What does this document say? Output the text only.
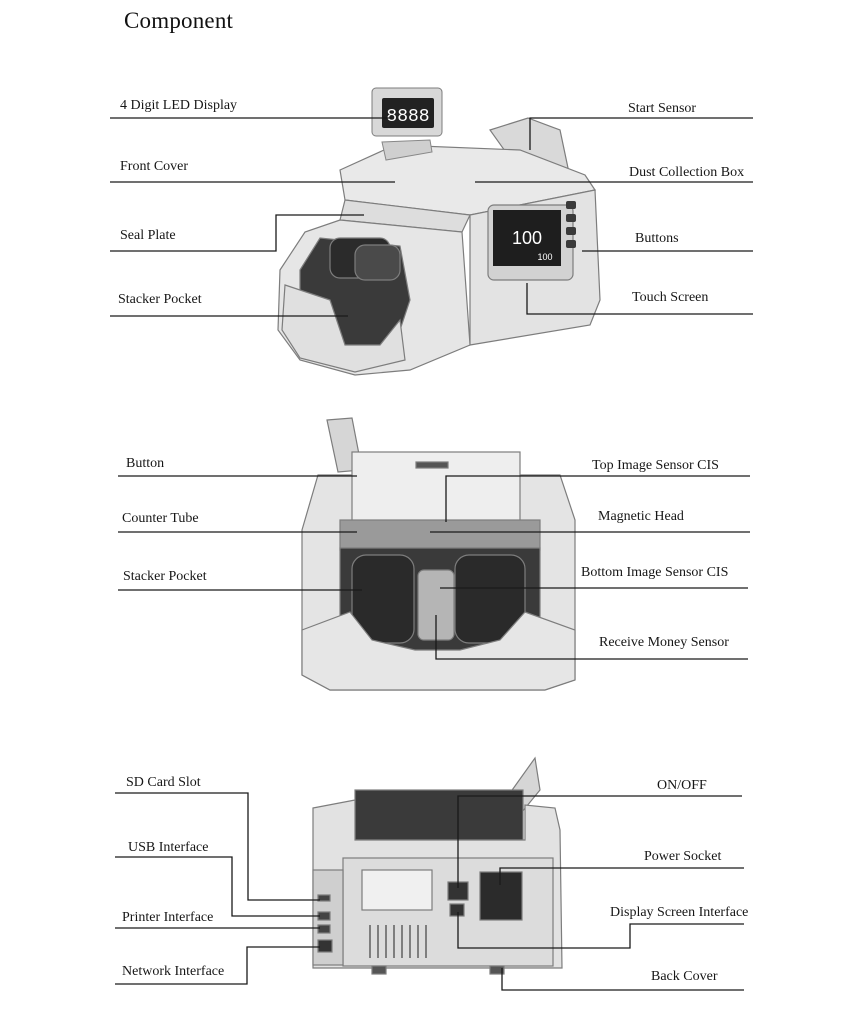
Component
100
100
8888
4 Digit LED Display
Front Cover
Seal Plate
Stacker Pocket
Start Sensor
Dust Collection Box
Buttons
Touch Screen
Button
Counter Tube
Stacker Pocket
Top Image Sensor CIS
Magnetic Head
Bottom Image Sensor CIS
Receive Money Sensor
SD Card Slot
USB Interface
Printer Interface
Network Interface
ON/OFF
Power Socket
Display Screen Interface
Back Cover
